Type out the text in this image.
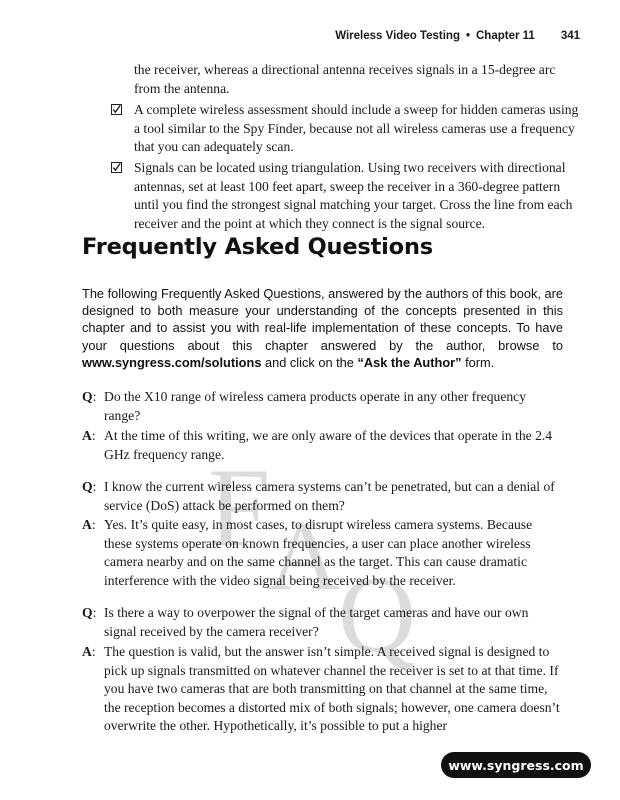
F
A
Q
Wireless Video Testing • Chapter 11 341
the receiver, whereas a directional antenna receives signals in a 15-degree arc from the antenna.
A complete wireless assessment should include a sweep for hidden cameras using a tool similar to the Spy Finder, because not all wireless cameras use a frequency that you can adequately scan.
Signals can be located using triangulation. Using two receivers with directional antennas, set at least 100 feet apart, sweep the receiver in a 360-degree pattern until you find the strongest signal matching your target. Cross the line from each receiver and the point at which they connect is the signal source.
Frequently Asked Questions
The following Frequently Asked Questions, answered by the authors of this book, are designed to both measure your understanding of the concepts presented in this chapter and to assist you with real-life implementation of these concepts. To have your questions about this chapter answered by the author, browse to www.syngress.com/solutions and click on the “Ask the Author” form.
Q: Do the X10 range of wireless camera products operate in any other frequency range?
A: At the time of this writing, we are only aware of the devices that operate in the 2.4 GHz frequency range.
Q: I know the current wireless camera systems can’t be penetrated, but can a denial of service (DoS) attack be performed on them?
A: Yes. It’s quite easy, in most cases, to disrupt wireless camera systems. Because these systems operate on known frequencies, a user can place another wireless camera nearby and on the same channel as the target. This can cause dramatic interference with the video signal being received by the receiver.
Q: Is there a way to overpower the signal of the target cameras and have our own signal received by the camera receiver?
A: The question is valid, but the answer isn’t simple. A received signal is designed to pick up signals transmitted on whatever channel the receiver is set to at that time. If you have two cameras that are both transmitting on that channel at the same time, the reception becomes a distorted mix of both signals; however, one camera doesn’t overwrite the other. Hypothetically, it’s possible to put a higher
www.syngress.com
